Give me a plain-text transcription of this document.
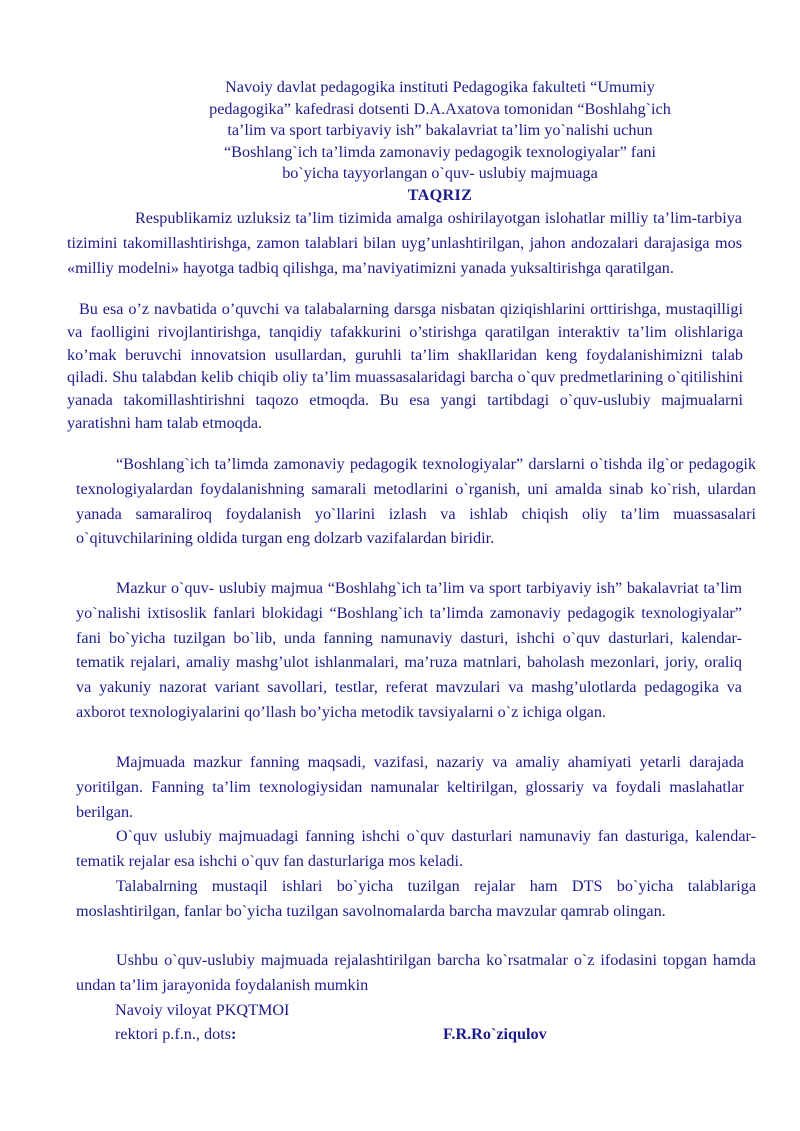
Navoiy davlat pedagogika instituti Pedagogika fakulteti “Umumiy
pedagogika” kafedrasi dotsenti D.A.Axatova tomonidan “Boshlahg`ich
ta’lim va sport tarbiyaviy ish” bakalavriat ta’lim yo`nalishi uchun
“Boshlang`ich ta’limda zamonaviy pedagogik texnologiyalar” fani
bo`yicha tayyorlangan o`quv- uslubiy majmuaga
TAQRIZ

Respublikamiz uzluksiz ta’lim tizimida amalga oshirilayotgan islohatlar milliy ta’lim-tarbiya tizimini takomillashtirishga, zamon talablari bilan uyg’unlashtirilgan, jahon andozalari darajasiga mos «milliy modelni» hayotga tadbiq qilishga, ma’naviyatimizni yanada yuksaltirishga qaratilgan.

Bu esa o’z navbatida o’quvchi va talabalarning darsga nisbatan qiziqishlarini orttirishga, mustaqilligi va faolligini rivojlantirishga, tanqidiy tafakkurini o’stirishga qaratilgan interaktiv ta’lim olishlariga ko’mak beruvchi innovatsion usullardan, guruhli ta’lim shakllaridan keng foydalanishimizni talab qiladi. Shu talabdan kelib chiqib oliy ta’lim muassasalaridagi barcha o`quv predmetlarining o`qitilishini yanada takomillashtirishni taqozo etmoqda. Bu esa yangi tartibdagi o`quv-uslubiy majmualarni yaratishni ham talab etmoqda.

“Boshlang`ich ta’limda zamonaviy pedagogik texnologiyalar” darslarni o`tishda ilg`or pedagogik texnologiyalardan foydalanishning samarali metodlarini o`rganish, uni amalda sinab ko`rish, ulardan yanada samaraliroq foydalanish yo`llarini izlash va ishlab chiqish oliy ta’lim muassasalari o`qituvchilarining oldida turgan eng dolzarb vazifalardan biridir.

Mazkur o`quv- uslubiy majmua “Boshlahg`ich ta’lim va sport tarbiyaviy ish” bakalavriat ta’lim yo`nalishi ixtisoslik fanlari blokidagi “Boshlang`ich ta’limda zamonaviy pedagogik texnologiyalar” fani bo`yicha tuzilgan bo`lib, unda fanning namunaviy dasturi, ishchi o`quv dasturlari, kalendar-tematik rejalari, amaliy mashg’ulot ishlanmalari, ma’ruza matnlari, baholash mezonlari, joriy, oraliq va yakuniy nazorat variant savollari, testlar, referat mavzulari va mashg’ulotlarda pedagogika va axborot texnologiyalarini qo’llash bo’yicha metodik tavsiyalarni o`z ichiga olgan.

Majmuada mazkur fanning maqsadi, vazifasi, nazariy va amaliy ahamiyati yetarli darajada yoritilgan. Fanning ta’lim texnologiysidan namunalar keltirilgan, glossariy va foydali maslahatlar berilgan.

O`quv uslubiy majmuadagi fanning ishchi o`quv dasturlari namunaviy fan dasturiga, kalendar-tematik rejalar esa ishchi o`quv fan dasturlariga mos keladi.

Talabalrning mustaqil ishlari bo`yicha tuzilgan rejalar ham DTS bo`yicha talablariga moslashtirilgan, fanlar bo`yicha tuzilgan savolnomalarda barcha mavzular qamrab olingan.

Ushbu o`quv-uslubiy majmuada rejalashtirilgan barcha ko`rsatmalar o`z ifodasini topgan hamda undan ta’lim jarayonida foydalanish mumkin

Navoiy viloyat PKQTMOI
rektori p.f.n., dots:	F.R.Ro`ziqulov
